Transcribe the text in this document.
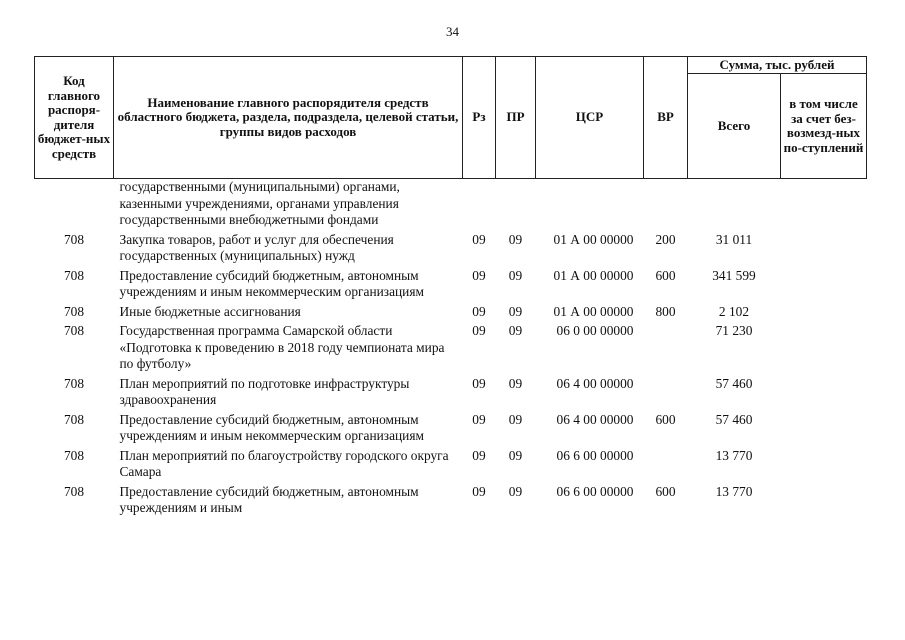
34
Код главного распоря-дителя бюджет-ных средств	Наименование главного распорядителя средств областного бюджета, раздела, подраздела, целевой статьи, группы видов расходов	Рз	ПР	ЦСР	ВР	Сумма, тыс. рублей	
						Всего	в том числе за счет без-возмезд-ных по-ступлений
	государственными (муниципальными) органами, казенными учреждениями, органами управления государственными внебюджетными фондами						
708	Закупка товаров, работ и услуг для обеспечения государственных (муниципальных) нужд	09	09	01 А 00 00000	200	31 011	
708	Предоставление субсидий бюджетным, автономным учреждениям и иным некоммерческим организациям	09	09	01 А 00 00000	600	341 599	
708	Иные бюджетные ассигнования	09	09	01 А 00 00000	800	2 102	
708	Государственная программа Самарской области «Подготовка к проведению в 2018 году чемпионата мира по футболу»	09	09	06 0 00 00000		71 230	
708	План мероприятий по подготовке инфраструктуры здравоохранения	09	09	06 4 00 00000		57 460	
708	Предоставление субсидий бюджетным, автономным учреждениям и иным некоммерческим организациям	09	09	06 4 00 00000	600	57 460	
708	План мероприятий по благоустройству городского округа Самара	09	09	06 6 00 00000		13 770	
708	Предоставление субсидий бюджетным, автономным учреждениям и иным	09	09	06 6 00 00000	600	13 770	
